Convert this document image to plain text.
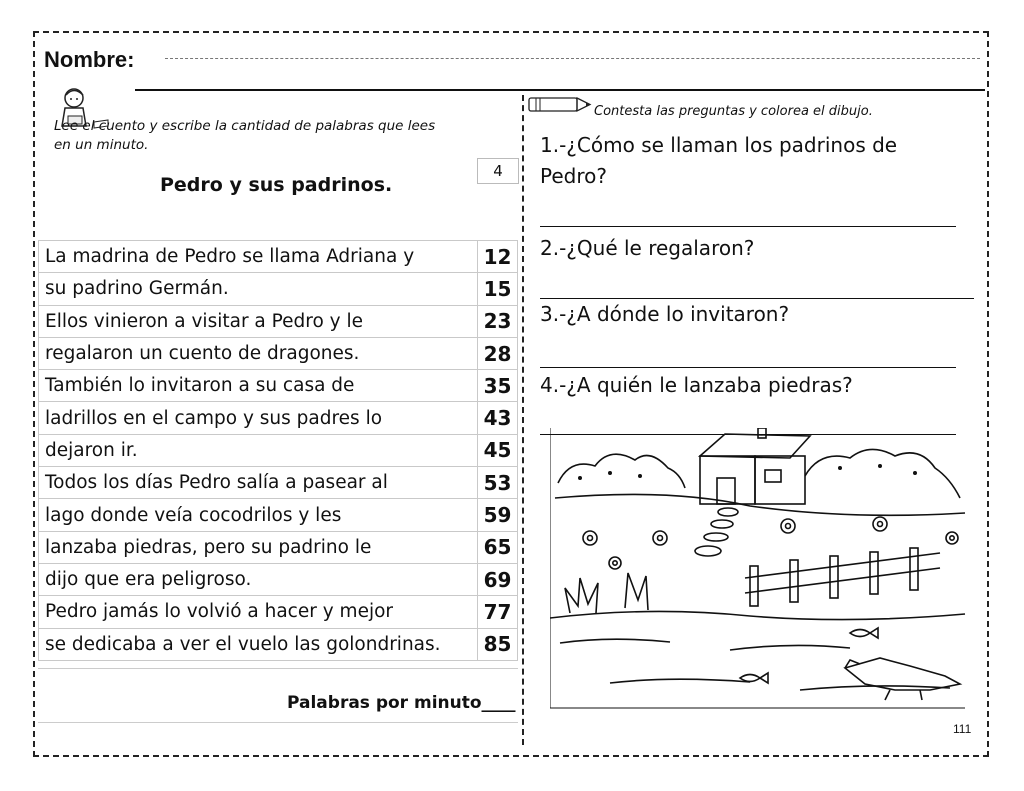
Nombre:
Lee el cuento y escribe la cantidad de palabras que lees en un minuto.
4
Pedro y sus padrinos.
La madrina de Pedro se llama Adriana y	12
su padrino Germán.	15
Ellos vinieron a visitar a Pedro y le	23
regalaron un cuento de dragones.	28
También lo invitaron a su casa de	35
ladrillos en el campo y sus padres lo	43
dejaron ir.	45
Todos los días Pedro salía a pasear al	53
lago donde veía cocodrilos y les	59
lanzaba piedras, pero su padrino le	65
dijo que era peligroso.	69
Pedro jamás lo volvió a hacer y mejor	77
se dedicaba a ver el vuelo las golondrinas.	85
Palabras por minuto____
Contesta las preguntas y colorea el dibujo.
1.-¿Cómo se llaman los padrinos de Pedro?
2.-¿Qué le regalaron?
3.-¿A dónde lo invitaron?
4.-¿A quién le lanzaba piedras?
111
